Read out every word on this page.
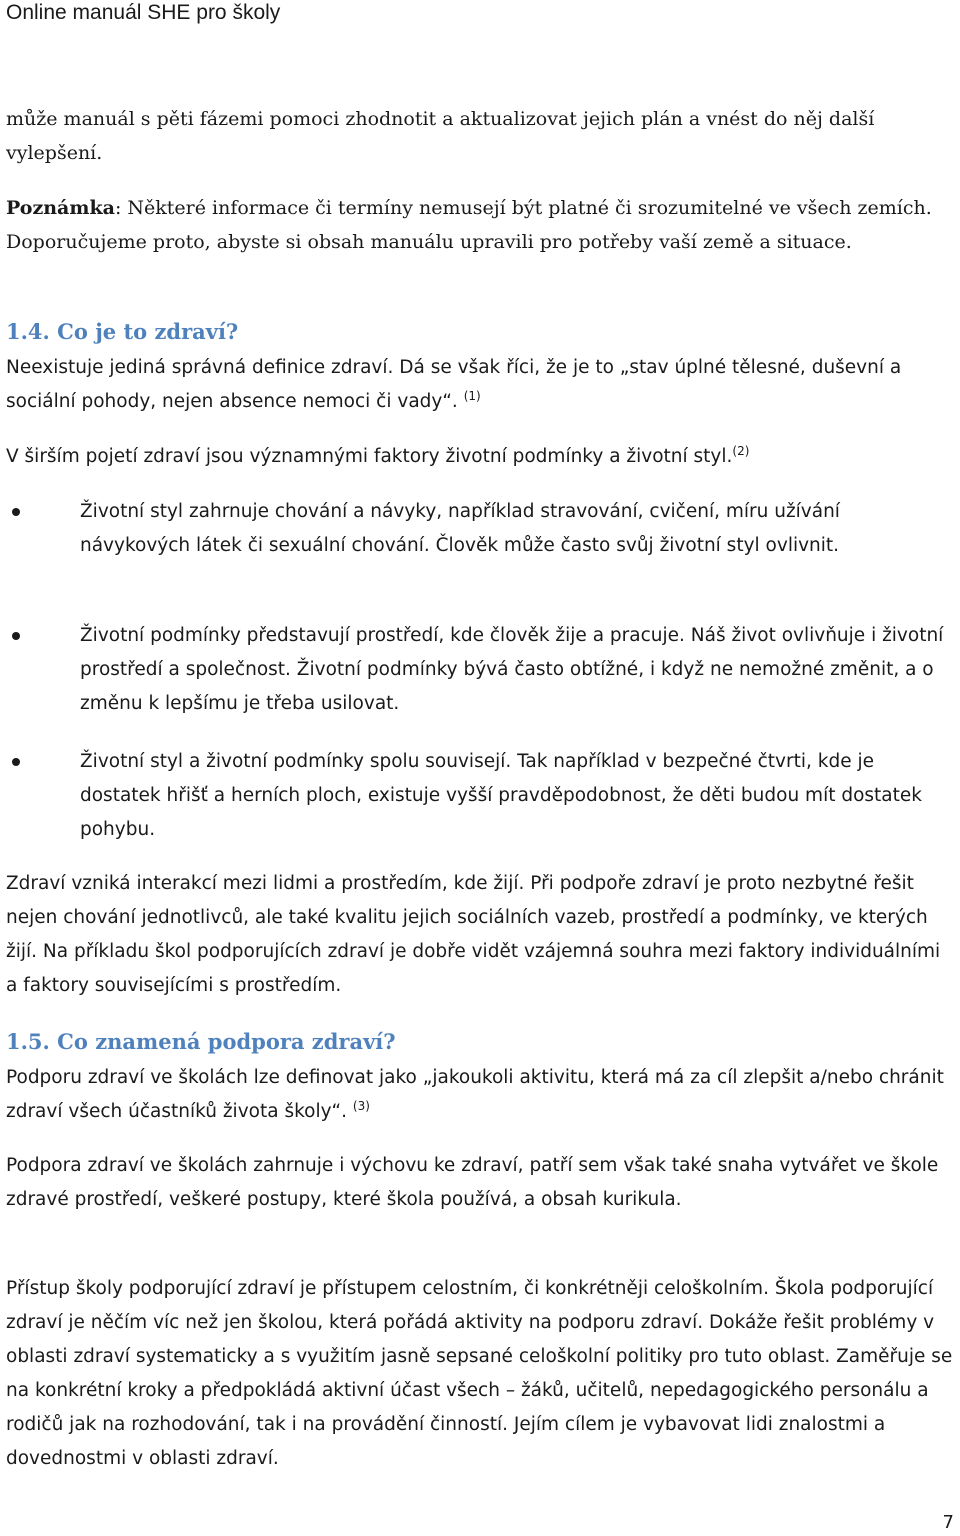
Online manuál SHE pro školy
může manuál s pěti fázemi pomoci zhodnotit a aktualizovat jejich plán a vnést do něj další vylepšení.
Poznámka: Některé informace či termíny nemusejí být platné či srozumitelné ve všech zemích. Doporučujeme proto, abyste si obsah manuálu upravili pro potřeby vaší země a situace.
1.4. Co je to zdraví?
Neexistuje jediná správná definice zdraví. Dá se však říci, že je to „stav úplné tělesné, duševní a sociální pohody, nejen absence nemoci či vady“. $^{(1)}$
V širším pojetí zdraví jsou významnými faktory životní podmínky a životní styl.$^{(2)}$
Životní styl zahrnuje chování a návyky, například stravování, cvičení, míru užívání návykových látek či sexuální chování. Člověk může často svůj životní styl ovlivnit.
Životní podmínky představují prostředí, kde člověk žije a pracuje. Náš život ovlivňuje i životní prostředí a společnost. Životní podmínky bývá často obtížné, i když ne nemožné změnit, a o změnu k lepšímu je třeba usilovat.
Životní styl a životní podmínky spolu souvisejí. Tak například v bezpečné čtvrti, kde je dostatek hřišť a herních ploch, existuje vyšší pravděpodobnost, že děti budou mít dostatek pohybu.
Zdraví vzniká interakcí mezi lidmi a prostředím, kde žijí. Při podpoře zdraví je proto nezbytné řešit nejen chování jednotlivců, ale také kvalitu jejich sociálních vazeb, prostředí a podmínky, ve kterých žijí. Na příkladu škol podporujících zdraví je dobře vidět vzájemná souhra mezi faktory individuálními a faktory souvisejícími s prostředím.
1.5. Co znamená podpora zdraví?
Podporu zdraví ve školách lze definovat jako „jakoukoli aktivitu, která má za cíl zlepšit a/nebo chránit zdraví všech účastníků života školy“. $^{(3)}$
Podpora zdraví ve školách zahrnuje i výchovu ke zdraví, patří sem však také snaha vytvářet ve škole zdravé prostředí, veškeré postupy, které škola používá, a obsah kurikula.
Přístup školy podporující zdraví je přístupem celostním, či konkrétněji celoškolním. Škola podporující zdraví je něčím víc než jen školou, která pořádá aktivity na podporu zdraví. Dokáže řešit problémy v oblasti zdraví systematicky a s využitím jasně sepsané celoškolní politiky pro tuto oblast. Zaměřuje se na konkrétní kroky a předpokládá aktivní účast všech – žáků, učitelů, nepedagogického personálu a rodičů jak na rozhodování, tak i na provádění činností. Jejím cílem je vybavovat lidi znalostmi a dovednostmi v oblasti zdraví.
7
